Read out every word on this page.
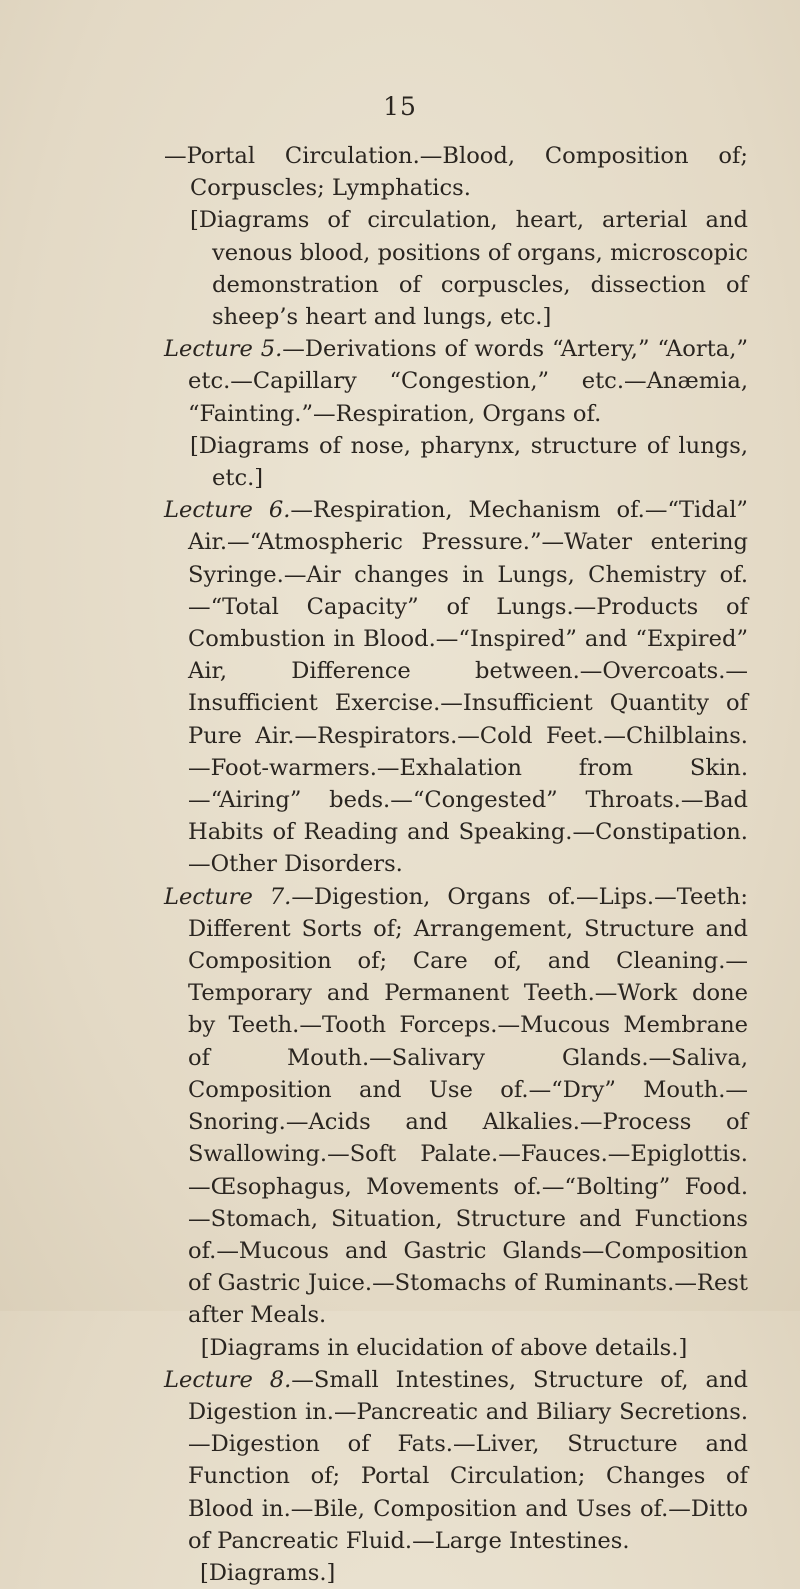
15

—Portal Circulation.—Blood, Composition of; Corpuscles; Lymphatics.

[Diagrams of circulation, heart, arterial and venous blood, positions of organs, microscopic demonstration of corpuscles, dissection of sheep’s heart and lungs, etc.]

Lecture 5.—Derivations of words “Artery,” “Aorta,” etc.—Capillary “Congestion,” etc.—Anæmia, “Fainting.”—Respiration, Organs of.

[Diagrams of nose, pharynx, structure of lungs, etc.]

Lecture 6.—Respiration, Mechanism of.—“Tidal” Air.—“Atmospheric Pressure.”—Water entering Syringe.—Air changes in Lungs, Chemistry of.—“Total Capacity” of Lungs.—Products of Combustion in Blood.—“Inspired” and “Expired” Air, Difference between.—Overcoats.—Insufficient Exercise.—Insufficient Quantity of Pure Air.—Respirators.—Cold Feet.—Chilblains.—Foot-warmers.—Exhalation from Skin.—“Airing” beds.—“Congested” Throats.—Bad Habits of Reading and Speaking.—Constipation.—Other Disorders.

Lecture 7.—Digestion, Organs of.—Lips.—Teeth: Different Sorts of; Arrangement, Structure and Composition of; Care of, and Cleaning.—Temporary and Permanent Teeth.—Work done by Teeth.—Tooth Forceps.—Mucous Membrane of Mouth.—Salivary Glands.—Saliva, Composition and Use of.—“Dry” Mouth.—Snoring.—Acids and Alkalies.—Process of Swallowing.—Soft Palate.—Fauces.—Epiglottis.—Œsophagus, Movements of.—“Bolting” Food.—Stomach, Situation, Structure and Functions of.—Mucous and Gastric Glands—Composition of Gastric Juice.—Stomachs of Ruminants.—Rest after Meals.

[Diagrams in elucidation of above details.]

Lecture 8.—Small Intestines, Structure of, and Digestion in.—Pancreatic and Biliary Secretions.—Digestion of Fats.—Liver, Structure and Function of; Portal Circulation; Changes of Blood in.—Bile, Composition and Uses of.—Ditto of Pancreatic Fluid.—Large Intestines.

[Diagrams.]
